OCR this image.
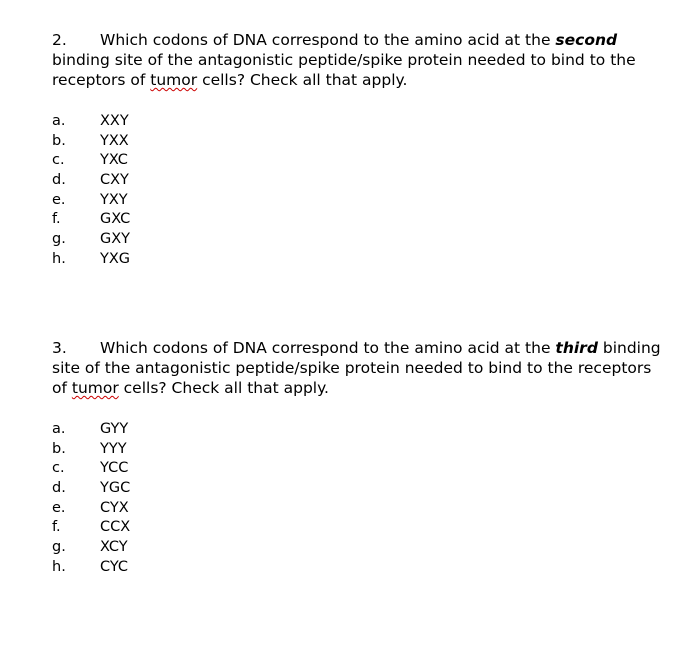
2. Which codons of DNA correspond to the amino acid at the second binding site of the antagonistic peptide/spike protein needed to bind to the receptors of tumor cells? Check all that apply.

a. XXY
b. YXX
c. YXC
d. CXY
e. YXY
f.	GXC
g. GXY
h. YXG

3. Which codons of DNA correspond to the amino acid at the third binding site of the antagonistic peptide/spike protein needed to bind to the receptors of tumor cells? Check all that apply.

a. GYY
b. YYY
c. YCC
d. YGC
e. CYX
f.	CCX
g. XCY
h. CYC
